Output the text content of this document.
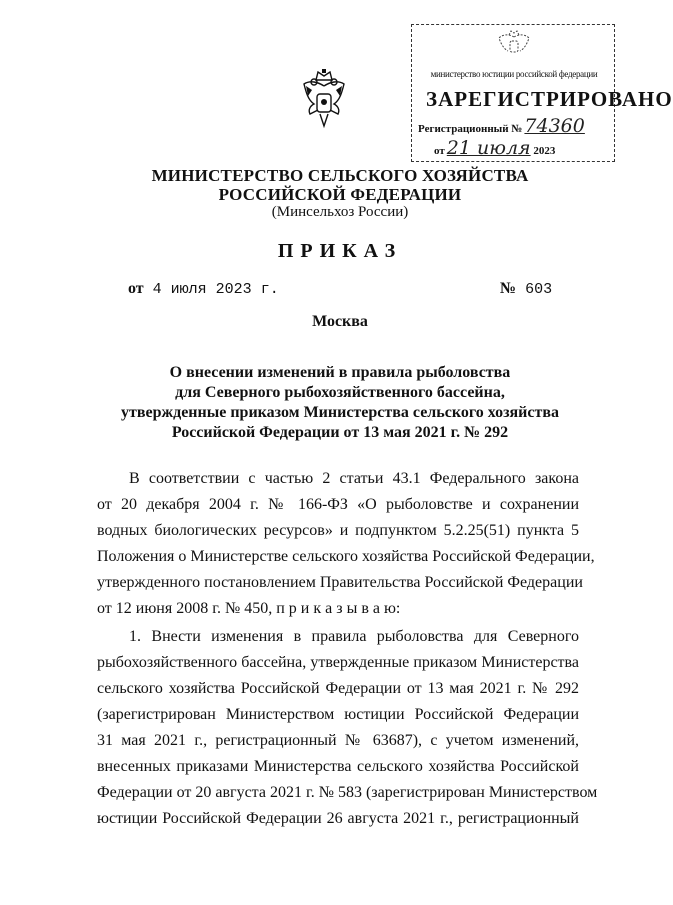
министерство юстиции российской федерации
ЗАРЕГИСТРИРОВАНО
Регистрационный № 74360
от 21 июля 2023
МИНИСТЕРСТВО СЕЛЬСКОГО ХОЗЯЙСТВА
РОССИЙСКОЙ ФЕДЕРАЦИИ
(Минсельхоз России)
ПРИКАЗ
от 4 июля 2023 г.	№ 603
Москва
О внесении изменений в правила рыболовства
для Северного рыбохозяйственного бассейна,
утвержденные приказом Министерства сельского хозяйства
Российской Федерации от 13 мая 2021 г. № 292
В соответствии с частью 2 статьи 43.1 Федерального закона
от 20 декабря 2004 г. № 166-ФЗ «О рыболовстве и сохранении
водных биологических ресурсов» и подпунктом 5.2.25(51) пункта 5
Положения о Министерстве сельского хозяйства Российской Федерации,
утвержденного постановлением Правительства Российской Федерации
от 12 июня 2008 г. № 450, п р и к а з ы в а ю:
1. Внести изменения в правила рыболовства для Северного
рыбохозяйственного бассейна, утвержденные приказом Министерства
сельского хозяйства Российской Федерации от 13 мая 2021 г. № 292
(зарегистрирован Министерством юстиции Российской Федерации
31 мая 2021 г., регистрационный № 63687), с учетом изменений,
внесенных приказами Министерства сельского хозяйства Российской
Федерации от 20 августа 2021 г. № 583 (зарегистрирован Министерством
юстиции Российской Федерации 26 августа 2021 г., регистрационный
